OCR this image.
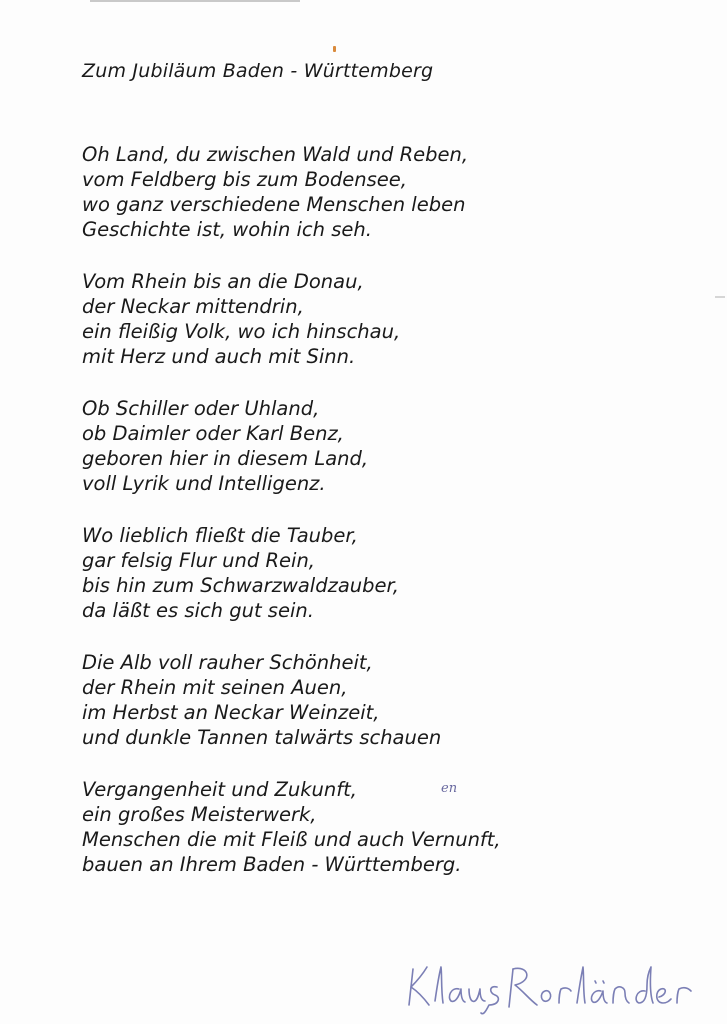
Zum Jubiläum Baden - Württemberg
Oh Land, du zwischen Wald und Reben,
vom Feldberg bis zum Bodensee,
wo ganz verschiedene Menschen leben
Geschichte ist, wohin ich seh.
Vom Rhein bis an die Donau,
der Neckar mittendrin,
ein fleißig Volk, wo ich hinschau,
mit Herz und auch mit Sinn.
Ob Schiller oder Uhland,
ob Daimler oder Karl Benz,
geboren hier in diesem Land,
voll Lyrik und Intelligenz.
Wo lieblich fließt die Tauber,
gar felsig Flur und Rein,
bis hin zum Schwarzwaldzauber,
da läßt es sich gut sein.
Die Alb voll rauher Schönheit,
der Rhein mit seinen Auen,
im Herbst an Neckar Weinzeit,
und dunkle Tannen talwärts schauen
Vergangenheit und Zukunft,
ein großes Meisterwerk,
Menschen die mit Fleiß und auch Vernunft,
bauen an Ihrem Baden - Württemberg.
en
